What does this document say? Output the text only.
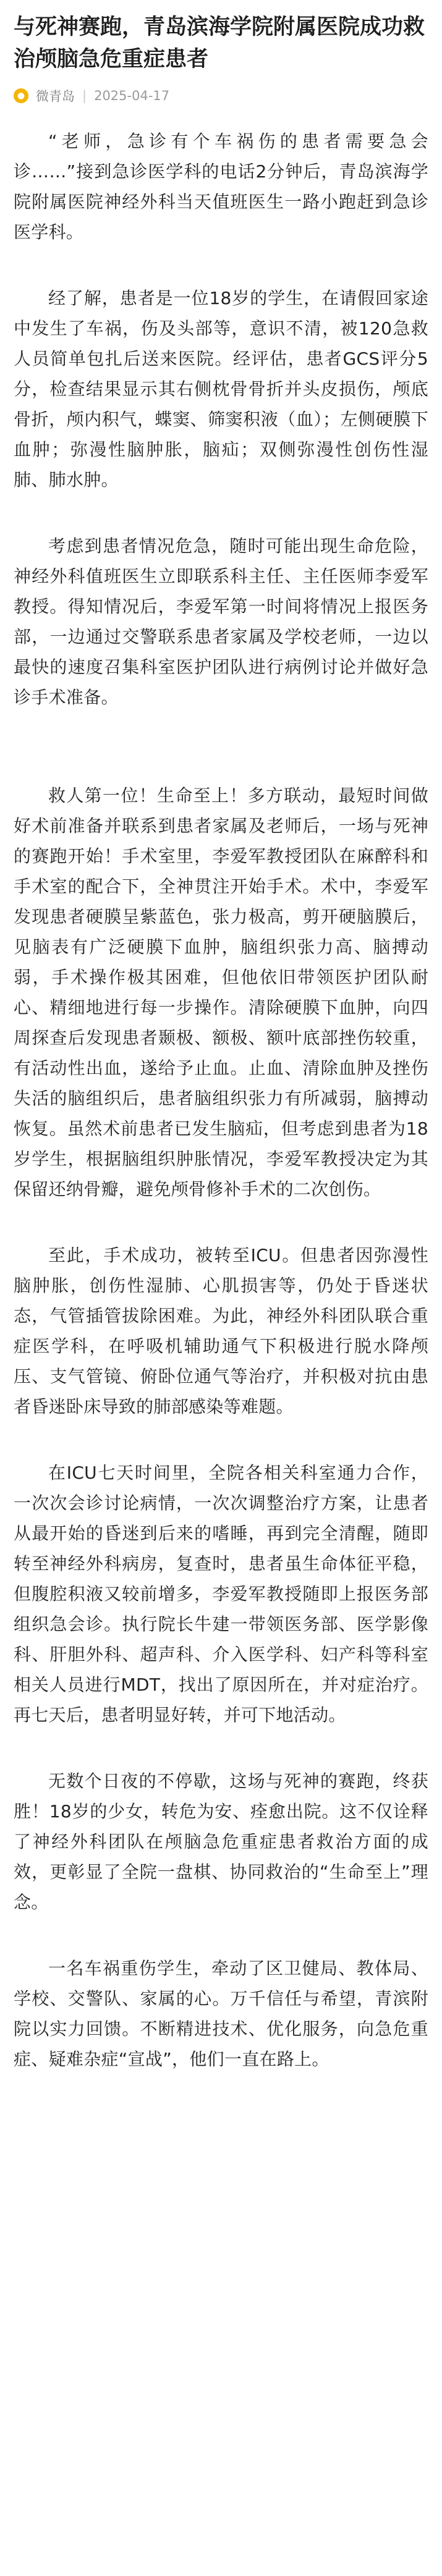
与死神赛跑，青岛滨海学院附属医院成功救治颅脑急危重症患者
● 微青岛 | 2025-04-17

“老师，急诊有个车祸伤的患者需要急会诊……”接到急诊医学科的电话2分钟后，青岛滨海学院附属医院神经外科当天值班医生一路小跑赶到急诊医学科。

经了解，患者是一位18岁的学生，在请假回家途中发生了车祸，伤及头部等，意识不清，被120急救人员简单包扎后送来医院。经评估，患者GCS评分5分，检查结果显示其右侧枕骨骨折并头皮损伤，颅底骨折，颅内积气，蝶窦、筛窦积液（血）；左侧硬膜下血肿；弥漫性脑肿胀，脑疝；双侧弥漫性创伤性湿肺、肺水肿。

考虑到患者情况危急，随时可能出现生命危险，神经外科值班医生立即联系科主任、主任医师李爱军教授。得知情况后，李爱军第一时间将情况上报医务部，一边通过交警联系患者家属及学校老师，一边以最快的速度召集科室医护团队进行病例讨论并做好急诊手术准备。

救人第一位！生命至上！多方联动，最短时间做好术前准备并联系到患者家属及老师后，一场与死神的赛跑开始！手术室里，李爱军教授团队在麻醉科和手术室的配合下，全神贯注开始手术。术中，李爱军发现患者硬膜呈紫蓝色，张力极高，剪开硬脑膜后，见脑表有广泛硬膜下血肿，脑组织张力高、脑搏动弱，手术操作极其困难，但他依旧带领医护团队耐心、精细地进行每一步操作。清除硬膜下血肿，向四周探查后发现患者颞极、额极、额叶底部挫伤较重，有活动性出血，遂给予止血。止血、清除血肿及挫伤失活的脑组织后，患者脑组织张力有所减弱，脑搏动恢复。虽然术前患者已发生脑疝，但考虑到患者为18岁学生，根据脑组织肿胀情况，李爱军教授决定为其保留还纳骨瓣，避免颅骨修补手术的二次创伤。

至此，手术成功，被转至ICU。但患者因弥漫性脑肿胀，创伤性湿肺、心肌损害等，仍处于昏迷状态，气管插管拔除困难。为此，神经外科团队联合重症医学科，在呼吸机辅助通气下积极进行脱水降颅压、支气管镜、俯卧位通气等治疗，并积极对抗由患者昏迷卧床导致的肺部感染等难题。

在ICU七天时间里，全院各相关科室通力合作，一次次会诊讨论病情，一次次调整治疗方案，让患者从最开始的昏迷到后来的嗜睡，再到完全清醒，随即转至神经外科病房，复查时，患者虽生命体征平稳，但腹腔积液又较前增多，李爱军教授随即上报医务部组织急会诊。执行院长牛建一带领医务部、医学影像科、肝胆外科、超声科、介入医学科、妇产科等科室相关人员进行MDT，找出了原因所在，并对症治疗。再七天后，患者明显好转，并可下地活动。

无数个日夜的不停歇，这场与死神的赛跑，终获胜！18岁的少女，转危为安、痊愈出院。这不仅诠释了神经外科团队在颅脑急危重症患者救治方面的成效，更彰显了全院一盘棋、协同救治的“生命至上”理念。

一名车祸重伤学生，牵动了区卫健局、教体局、学校、交警队、家属的心。万千信任与希望，青滨附院以实力回馈。不断精进技术、优化服务，向急危重症、疑难杂症“宣战”，他们一直在路上。
